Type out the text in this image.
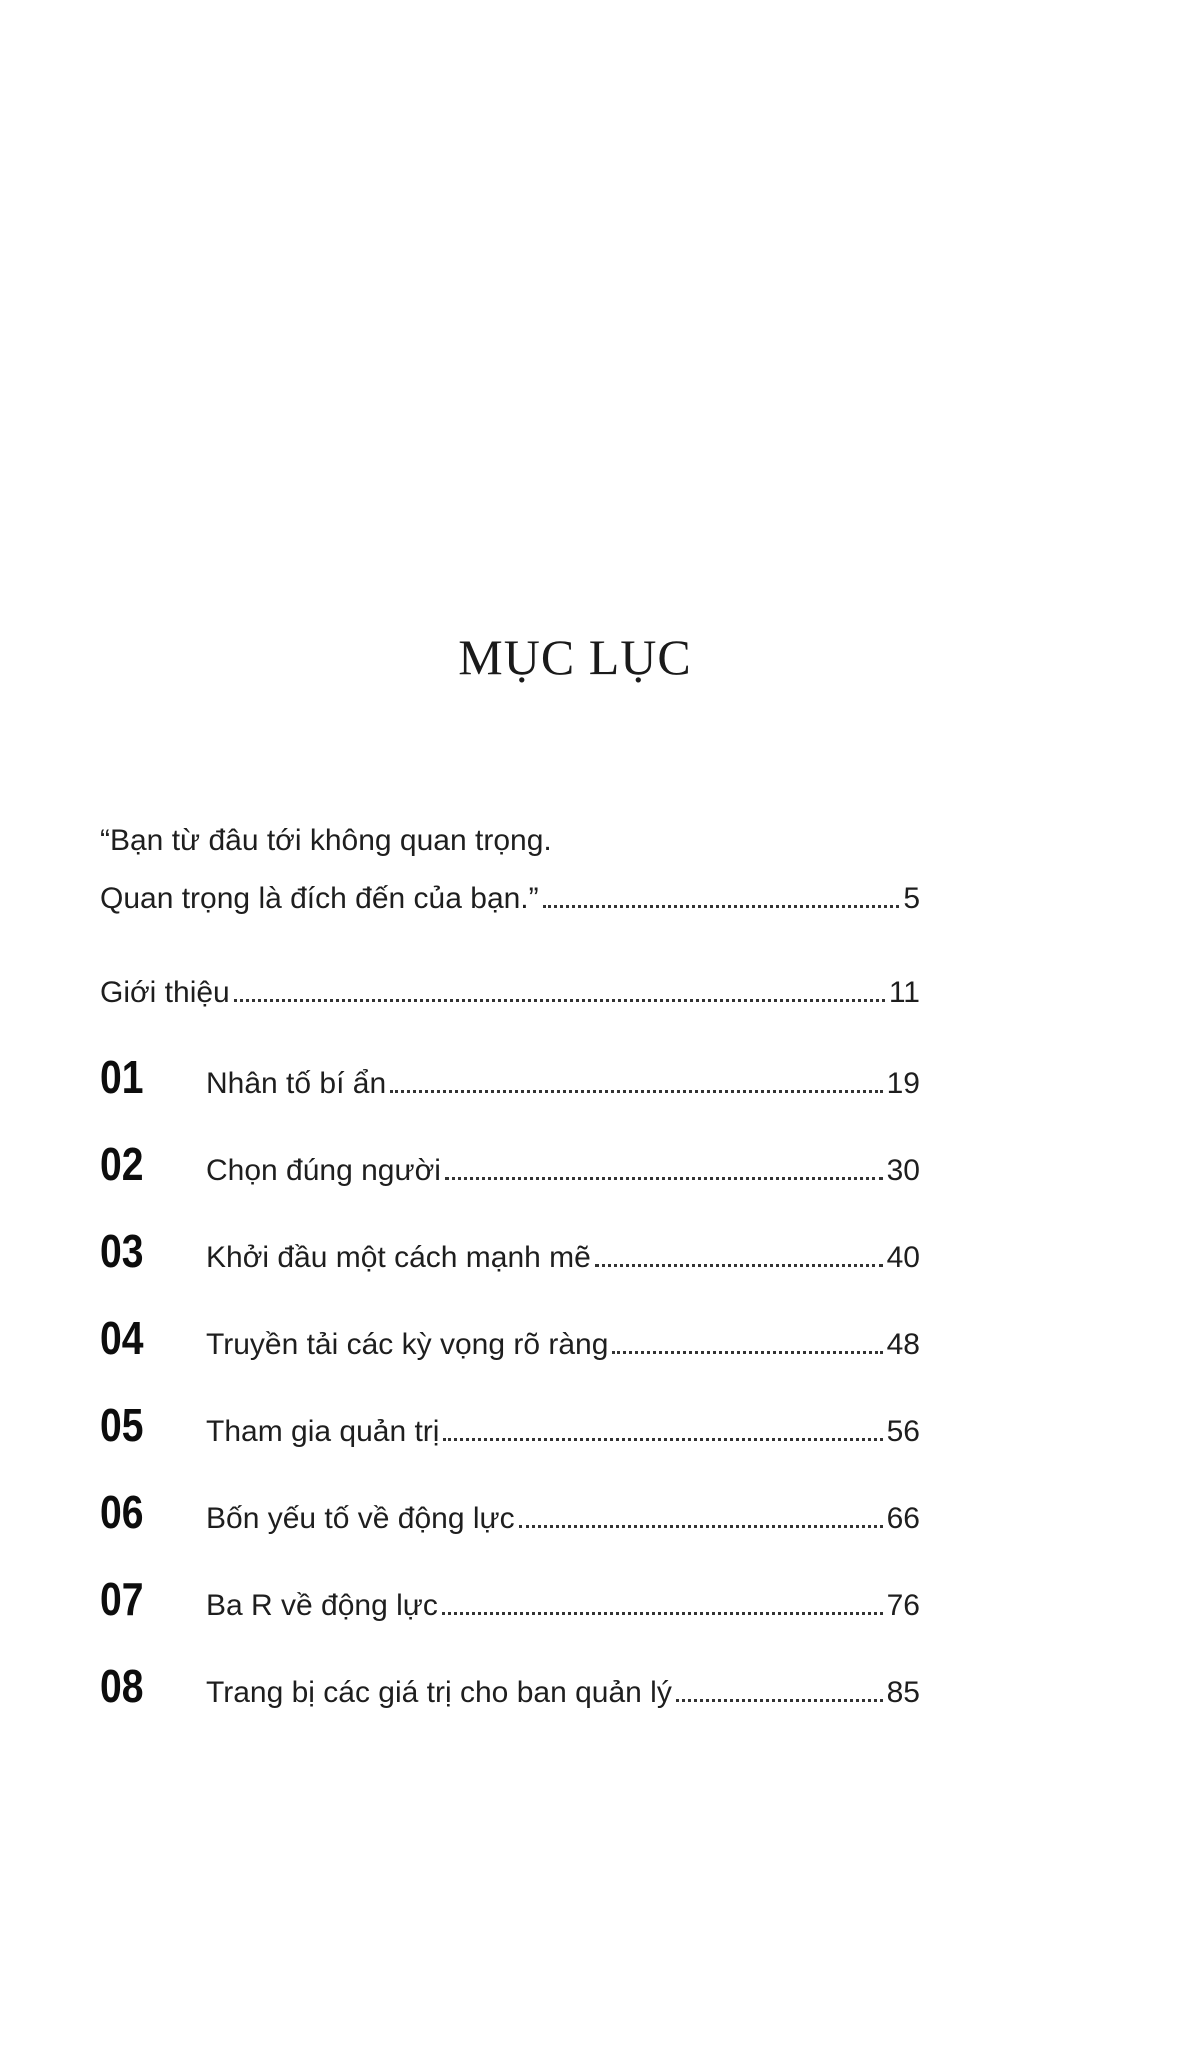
MỤC LỤC
“Bạn từ đâu tới không quan trọng.
Quan trọng là đích đến của bạn.”	5
Giới thiệu	11
01	Nhân tố bí ẩn	19
02	Chọn đúng người	30
03	Khởi đầu một cách mạnh mẽ	40
04	Truyền tải các kỳ vọng rõ ràng	48
05	Tham gia quản trị	56
06	Bốn yếu tố về động lực	66
07	Ba R về động lực	76
08	Trang bị các giá trị cho ban quản lý	85
